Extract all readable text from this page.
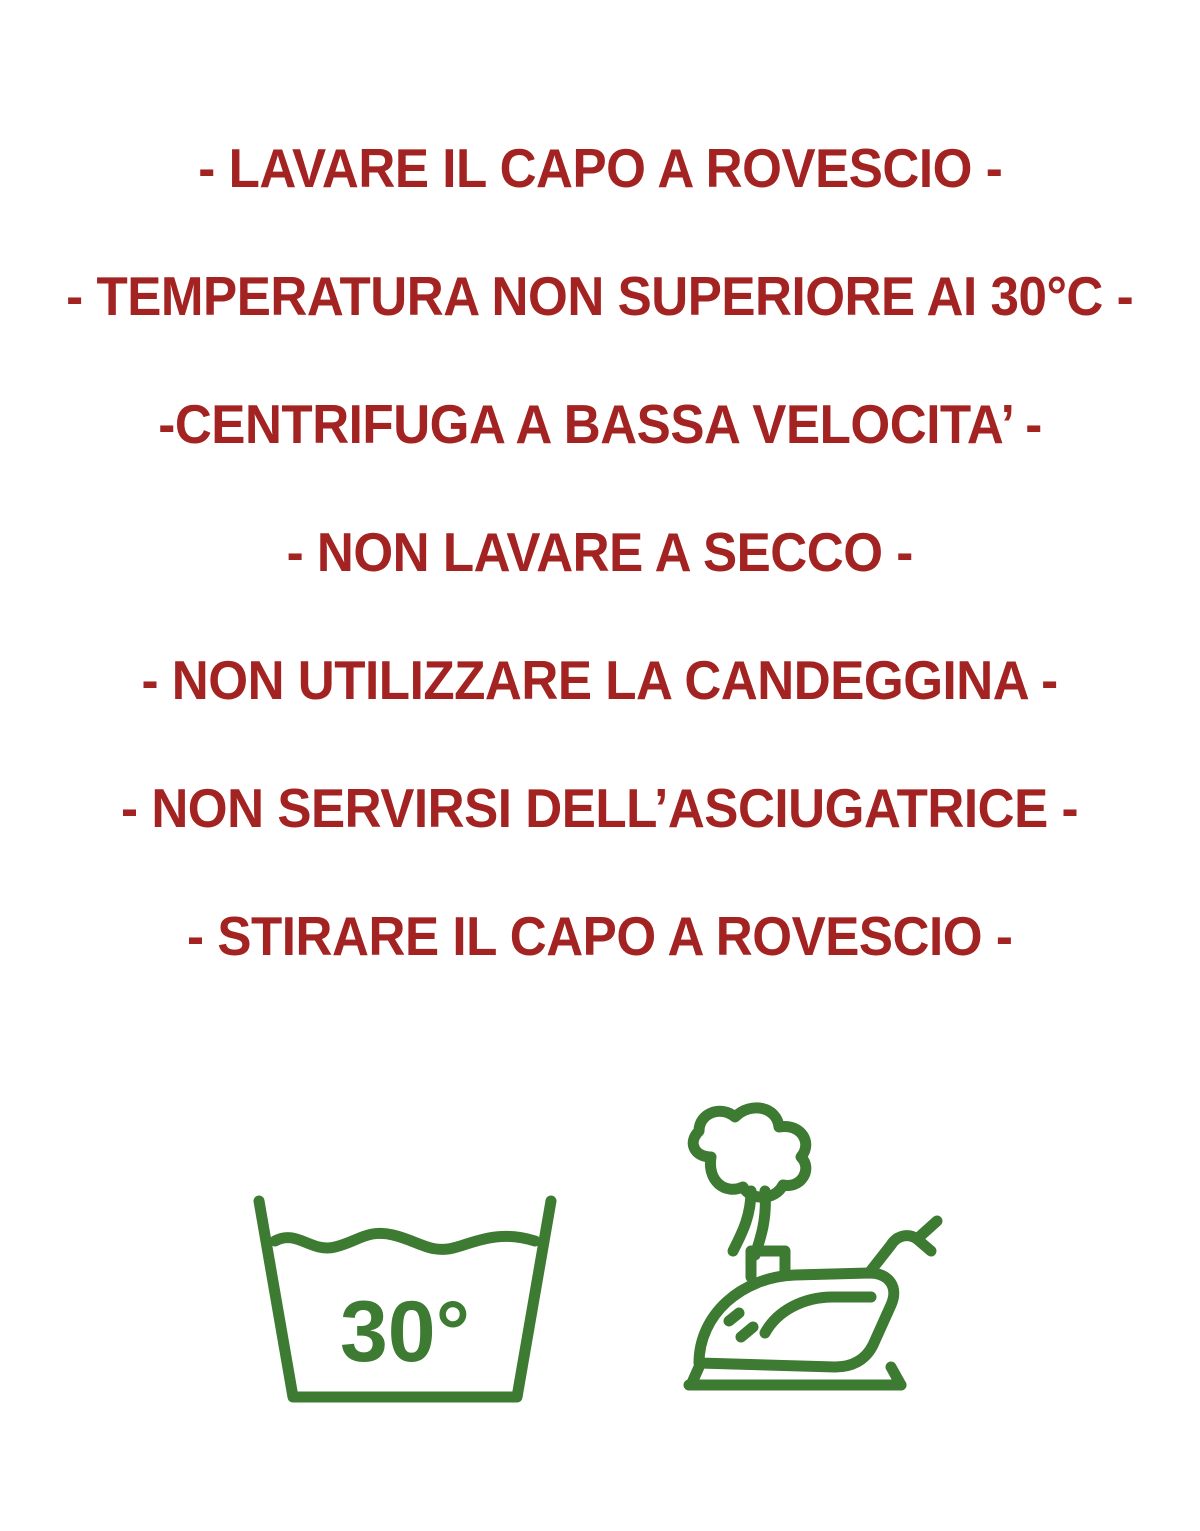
- LAVARE IL CAPO A ROVESCIO -
- TEMPERATURA NON SUPERIORE AI 30°C -
-CENTRIFUGA A BASSA VELOCITA’ -
- NON LAVARE A SECCO -
- NON UTILIZZARE LA CANDEGGINA -
- NON SERVIRSI DELL’ASCIUGATRICE -
- STIRARE IL CAPO A ROVESCIO -
30°
